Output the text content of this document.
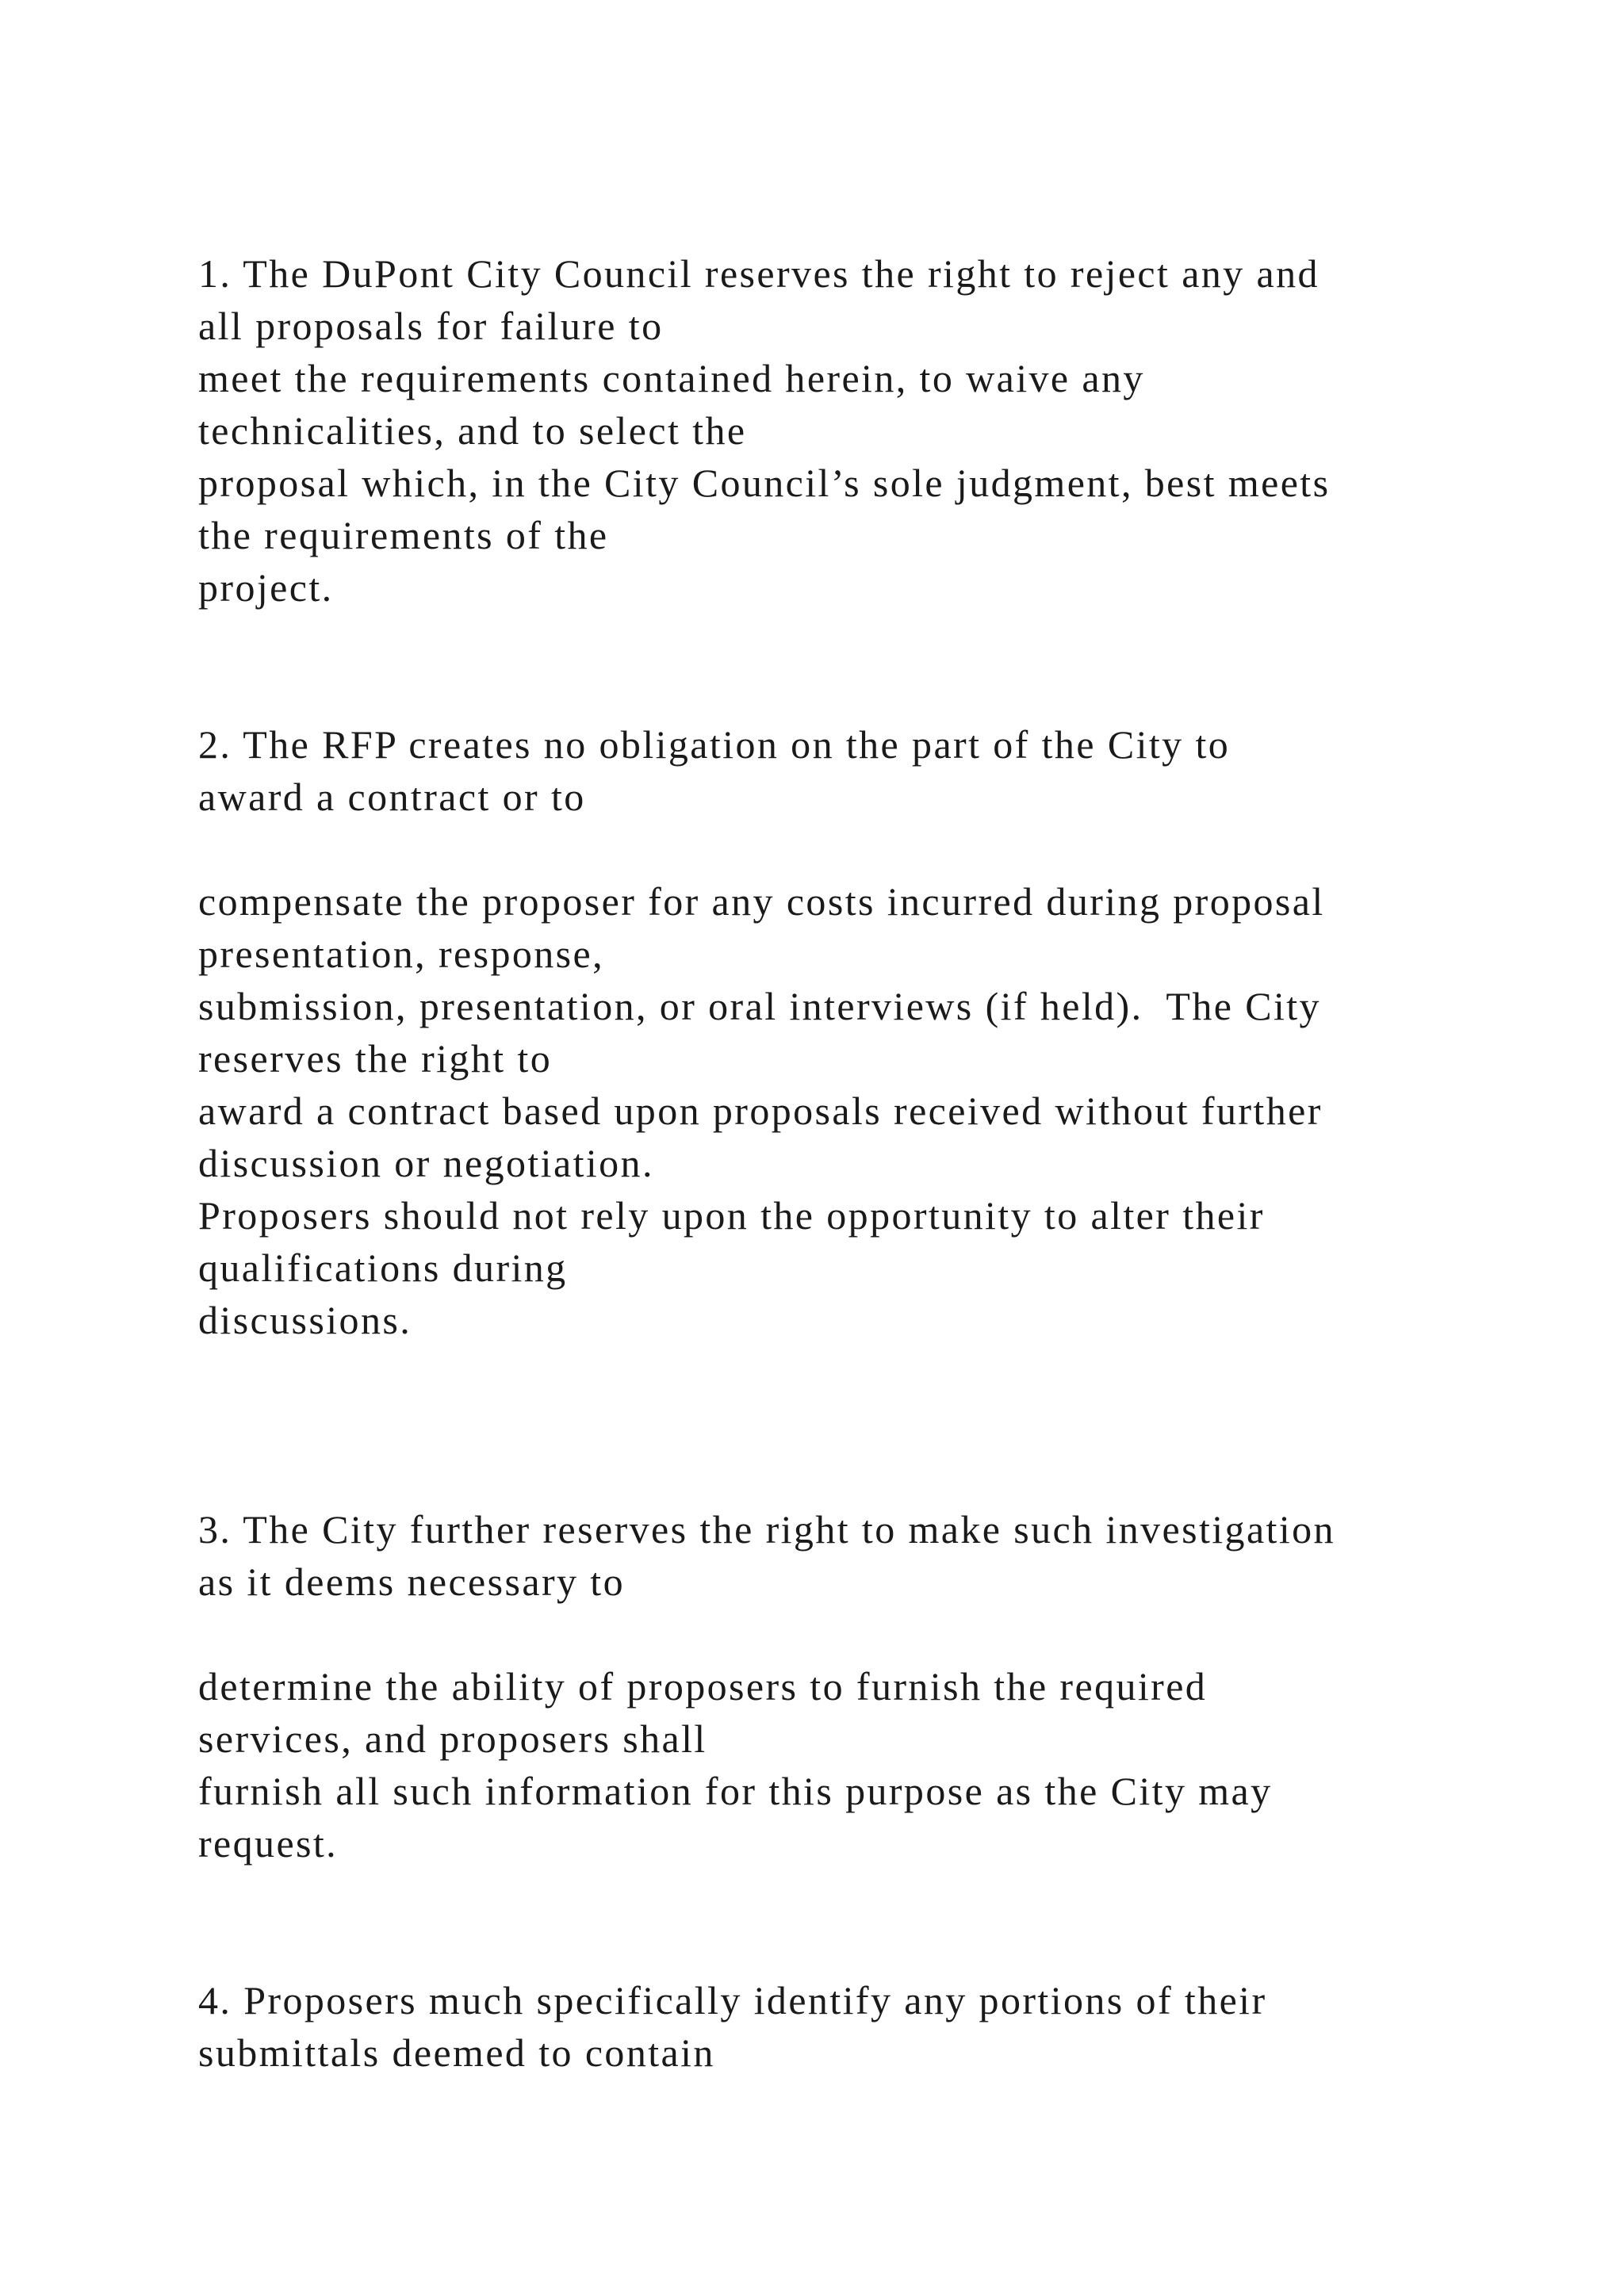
1. The DuPont City Council reserves the right to reject any and
all proposals for failure to
meet the requirements contained herein, to waive any
technicalities, and to select the
proposal which, in the City Council’s sole judgment, best meets
the requirements of the
project.
2. The RFP creates no obligation on the part of the City to
award a contract or to
compensate the proposer for any costs incurred during proposal
presentation, response,
submission, presentation, or oral interviews (if held).  The City
reserves the right to
award a contract based upon proposals received without further
discussion or negotiation.
Proposers should not rely upon the opportunity to alter their
qualifications during
discussions.
3. The City further reserves the right to make such investigation
as it deems necessary to
determine the ability of proposers to furnish the required
services, and proposers shall
furnish all such information for this purpose as the City may
request.
4. Proposers much specifically identify any portions of their
submittals deemed to contain
